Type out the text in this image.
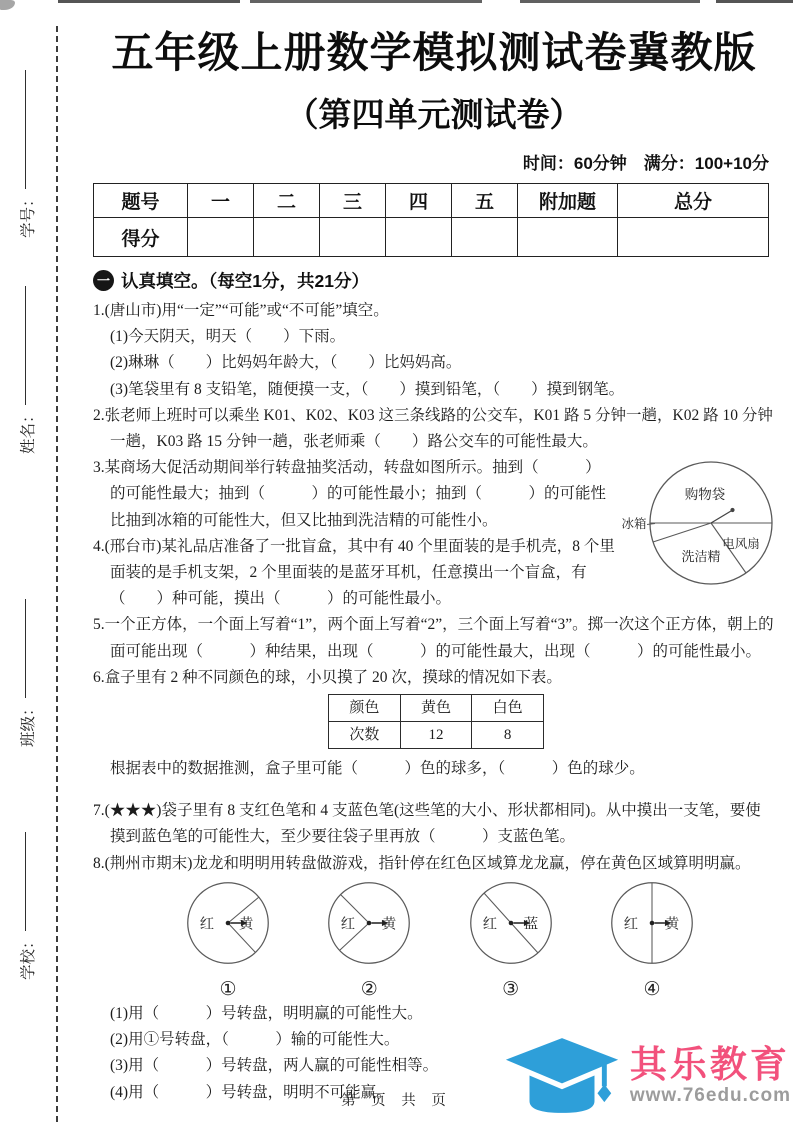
学号：
姓名：
班级：
学校：
五年级上册数学模拟测试卷冀教版
（第四单元测试卷）
时间：60分钟　满分：100+10分
题号	一	二	三	四	五	附加题	总分
得分							
一 认真填空。（每空1分，共21分）

1.(唐山市)用“一定”“可能”或“不可能”填空。

(1)今天阴天，明天（　　）下雨。

(2)琳琳（　　）比妈妈年龄大，（　　）比妈妈高。

(3)笔袋里有 8 支铅笔，随便摸一支，（　　）摸到铅笔，（　　）摸到钢笔。

2.张老师上班时可以乘坐 K01、K02、K03 这三条线路的公交车，K01 路 5 分钟一趟，K02 路 10 分钟一趟，K03 路 15 分钟一趟，张老师乘（　　）路公交车的可能性最大。

购物袋
电风扇
洗洁精
冰箱

3.某商场大促活动期间举行转盘抽奖活动，转盘如图所示。抽到（　　　）的可能性最大；抽到（　　　）的可能性最小；抽到（　　　）的可能性比抽到冰箱的可能性大，但又比抽到洗洁精的可能性小。

4.(邢台市)某礼品店准备了一批盲盒，其中有 40 个里面装的是手机壳，8 个里面装的是手机支架，2 个里面装的是蓝牙耳机，任意摸出一个盲盒，有（　　）种可能，摸出（　　　）的可能性最小。

5.一个正方体，一个面上写着“1”，两个面上写着“2”，三个面上写着“3”。掷一次这个正方体，朝上的面可能出现（　　　）种结果，出现（　　　）的可能性最大，出现（　　　）的可能性最小。

6.盒子里有 2 种不同颜色的球，小贝摸了 20 次，摸球的情况如下表。

颜色	黄色	白色
次数	12	8

根据表中的数据推测，盒子里可能（　　　）色的球多，（　　　）色的球少。

7.(★★★)袋子里有 8 支红色笔和 4 支蓝色笔(这些笔的大小、形状都相同)。从中摸出一支笔，要使摸到蓝色笔的可能性大，至少要往袋子里再放（　　　）支蓝色笔。

8.(荆州市期末)龙龙和明明用转盘做游戏，指针停在红色区域算龙龙赢，停在黄色区域算明明赢。

红 黄
①
红 黄
②
红 蓝
③
红 黄
④

(1)用（　　　）号转盘，明明赢的可能性大。

(2)用①号转盘，（　　　）输的可能性大。

(3)用（　　　）号转盘，两人赢的可能性相等。

(4)用（　　　）号转盘，明明不可能赢。

第 页 共 页
其乐教育
www.76edu.com
